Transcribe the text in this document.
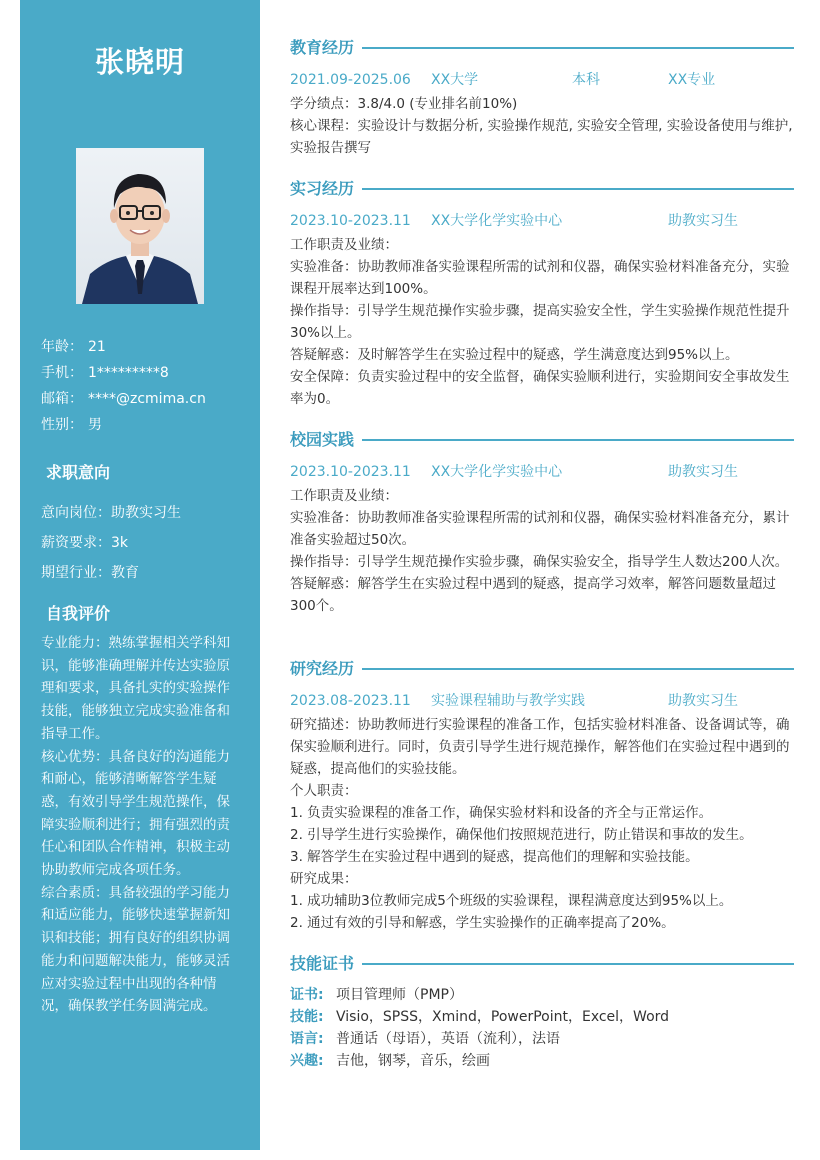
张晓明
年龄： 21
手机： 1*********8
邮箱： ****@zcmima.cn
性别： 男
求职意向
意向岗位：助教实习生
薪资要求：3k
期望行业：教育
自我评价

专业能力：熟练掌握相关学科知识，能够准确理解并传达实验原理和要求，具备扎实的实验操作技能，能够独立完成实验准备和指导工作。

核心优势：具备良好的沟通能力和耐心，能够清晰解答学生疑惑，有效引导学生规范操作，保障实验顺利进行；拥有强烈的责任心和团队合作精神，积极主动协助教师完成各项任务。

综合素质：具备较强的学习能力和适应能力，能够快速掌握新知识和技能；拥有良好的组织协调能力和问题解决能力，能够灵活应对实验过程中出现的各种情况，确保教学任务圆满完成。

教育经历
2021.09-2025.06 XX大学	本科	XX专业

学分绩点：3.8/4.0 (专业排名前10%)

核心课程：实验设计与数据分析, 实验操作规范, 实验安全管理, 实验设备使用与维护, 实验报告撰写

实习经历
2023.10-2023.11 XX大学化学实验中心	助教实习生

工作职责及业绩：

实验准备：协助教师准备实验课程所需的试剂和仪器，确保实验材料准备充分，实验课程开展率达到100%。

操作指导：引导学生规范操作实验步骤，提高实验安全性，学生实验操作规范性提升30%以上。

答疑解惑：及时解答学生在实验过程中的疑惑，学生满意度达到95%以上。

安全保障：负责实验过程中的安全监督，确保实验顺利进行，实验期间安全事故发生率为0。

校园实践
2023.10-2023.11 XX大学化学实验中心	助教实习生

工作职责及业绩：

实验准备：协助教师准备实验课程所需的试剂和仪器，确保实验材料准备充分，累计准备实验超过50次。

操作指导：引导学生规范操作实验步骤，确保实验安全，指导学生人数达200人次。

答疑解惑：解答学生在实验过程中遇到的疑惑，提高学习效率，解答问题数量超过300个。

研究经历
2023.08-2023.11 实验课程辅助与教学实践	助教实习生

研究描述：协助教师进行实验课程的准备工作，包括实验材料准备、设备调试等，确保实验顺利进行。同时，负责引导学生进行规范操作，解答他们在实验过程中遇到的疑惑，提高他们的实验技能。

个人职责：

1. 负责实验课程的准备工作，确保实验材料和设备的齐全与正常运作。

2. 引导学生进行实验操作，确保他们按照规范进行，防止错误和事故的发生。

3. 解答学生在实验过程中遇到的疑惑，提高他们的理解和实验技能。

研究成果：

1. 成功辅助3位教师完成5个班级的实验课程，课程满意度达到95%以上。

2. 通过有效的引导和解惑，学生实验操作的正确率提高了20%。

技能证书
证书: 项目管理师（PMP）
技能: Visio，SPSS，Xmind，PowerPoint，Excel，Word
语言: 普通话（母语），英语（流利），法语
兴趣: 吉他，钢琴，音乐，绘画
